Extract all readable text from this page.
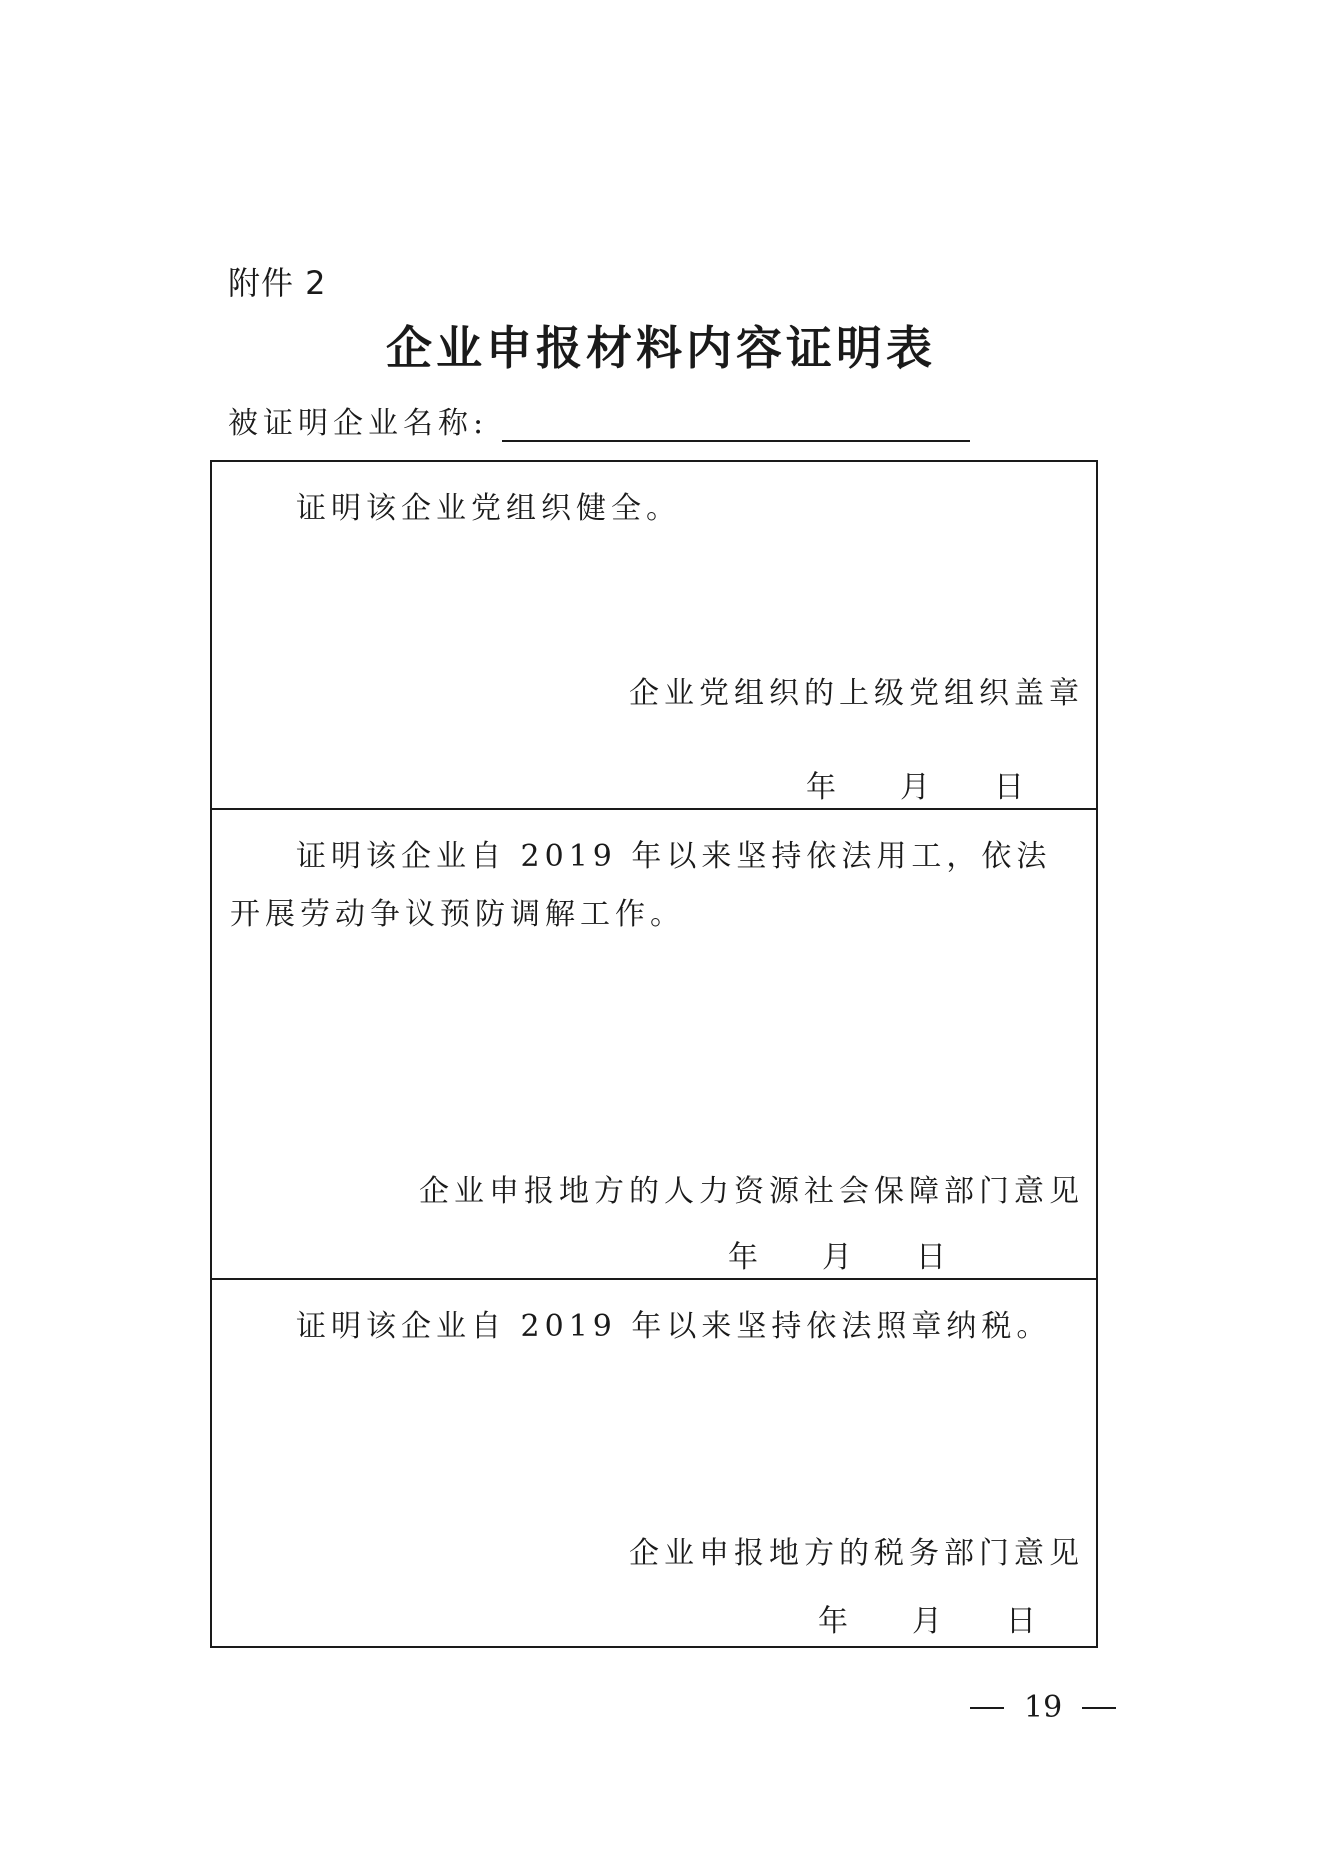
附件 2
企业申报材料内容证明表
被证明企业名称:
证明该企业党组织健全。
企业党组织的上级党组织盖章
年 月 日
证明该企业自 2019 年以来坚持依法用工，依法开展劳动争议预防调解工作。
企业申报地方的人力资源社会保障部门意见
年 月 日
证明该企业自 2019 年以来坚持依法照章纳税。
企业申报地方的税务部门意见
年 月 日
19
